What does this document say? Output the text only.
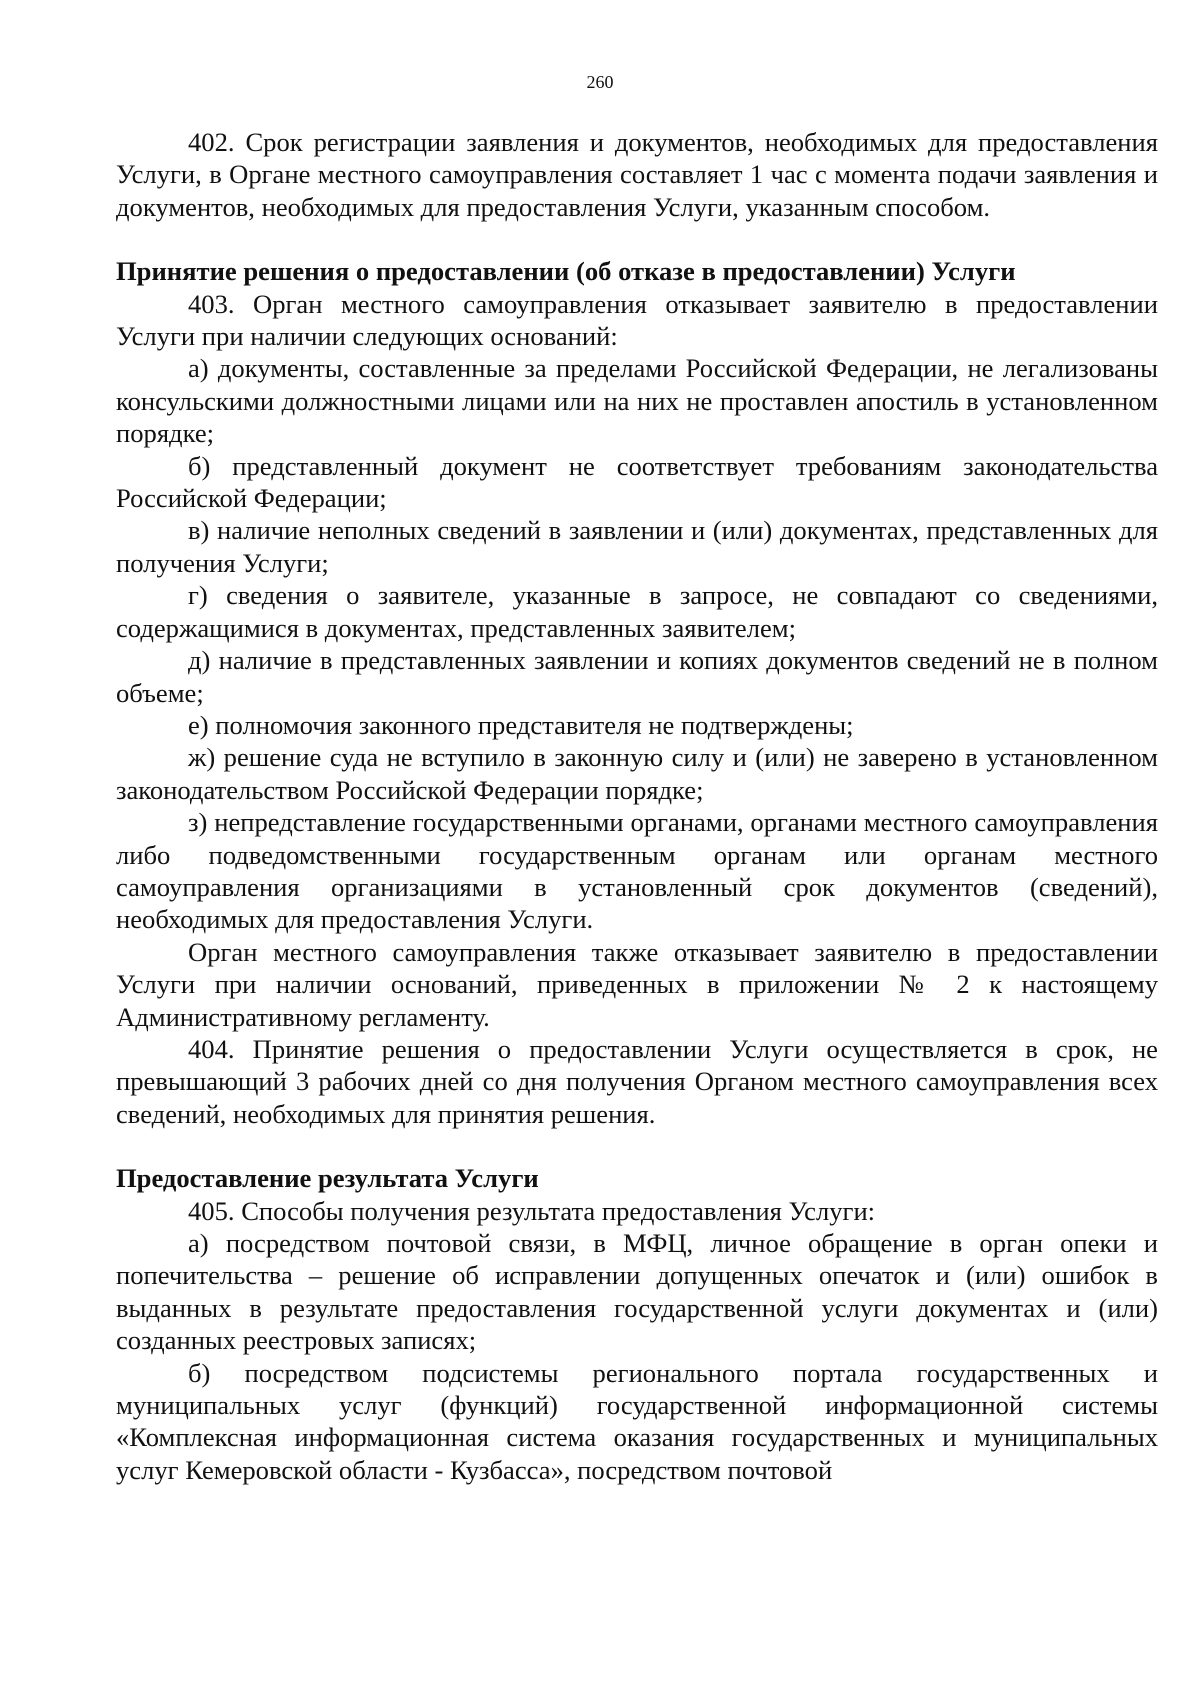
260

402. Срок регистрации заявления и документов, необходимых для предоставления Услуги, в Органе местного самоуправления составляет 1 час с момента подачи заявления и документов, необходимых для предоставления Услуги, указанным способом.

Принятие решения о предоставлении (об отказе в предоставлении) Услуги

403. Орган местного самоуправления отказывает заявителю в предоставлении Услуги при наличии следующих оснований:

а) документы, составленные за пределами Российской Федерации, не легализованы консульскими должностными лицами или на них не проставлен апостиль в установленном порядке;

б) представленный документ не соответствует требованиям законодательства Российской Федерации;

в) наличие неполных сведений в заявлении и (или) документах, представленных для получения Услуги;

г) сведения о заявителе, указанные в запросе, не совпадают со сведениями, содержащимися в документах, представленных заявителем;

д) наличие в представленных заявлении и копиях документов сведений не в полном объеме;

е) полномочия законного представителя не подтверждены;

ж) решение суда не вступило в законную силу и (или) не заверено в установленном законодательством Российской Федерации порядке;

з) непредставление государственными органами, органами местного самоуправления либо подведомственными государственным органам или органам местного самоуправления организациями в установленный срок документов (сведений), необходимых для предоставления Услуги.

Орган местного самоуправления также отказывает заявителю в предоставлении Услуги при наличии оснований, приведенных в приложении № 2 к настоящему Административному регламенту.

404. Принятие решения о предоставлении Услуги осуществляется в срок, не превышающий 3 рабочих дней со дня получения Органом местного самоуправления всех сведений, необходимых для принятия решения.

Предоставление результата Услуги

405. Способы получения результата предоставления Услуги:

а) посредством почтовой связи, в МФЦ, личное обращение в орган опеки и попечительства – решение об исправлении допущенных опечаток и (или) ошибок в выданных в результате предоставления государственной услуги документах и (или) созданных реестровых записях;

б) посредством подсистемы регионального портала государственных и муниципальных услуг (функций) государственной информационной системы «Комплексная информационная система оказания государственных и муниципальных услуг Кемеровской области - Кузбасса», посредством почтовой
